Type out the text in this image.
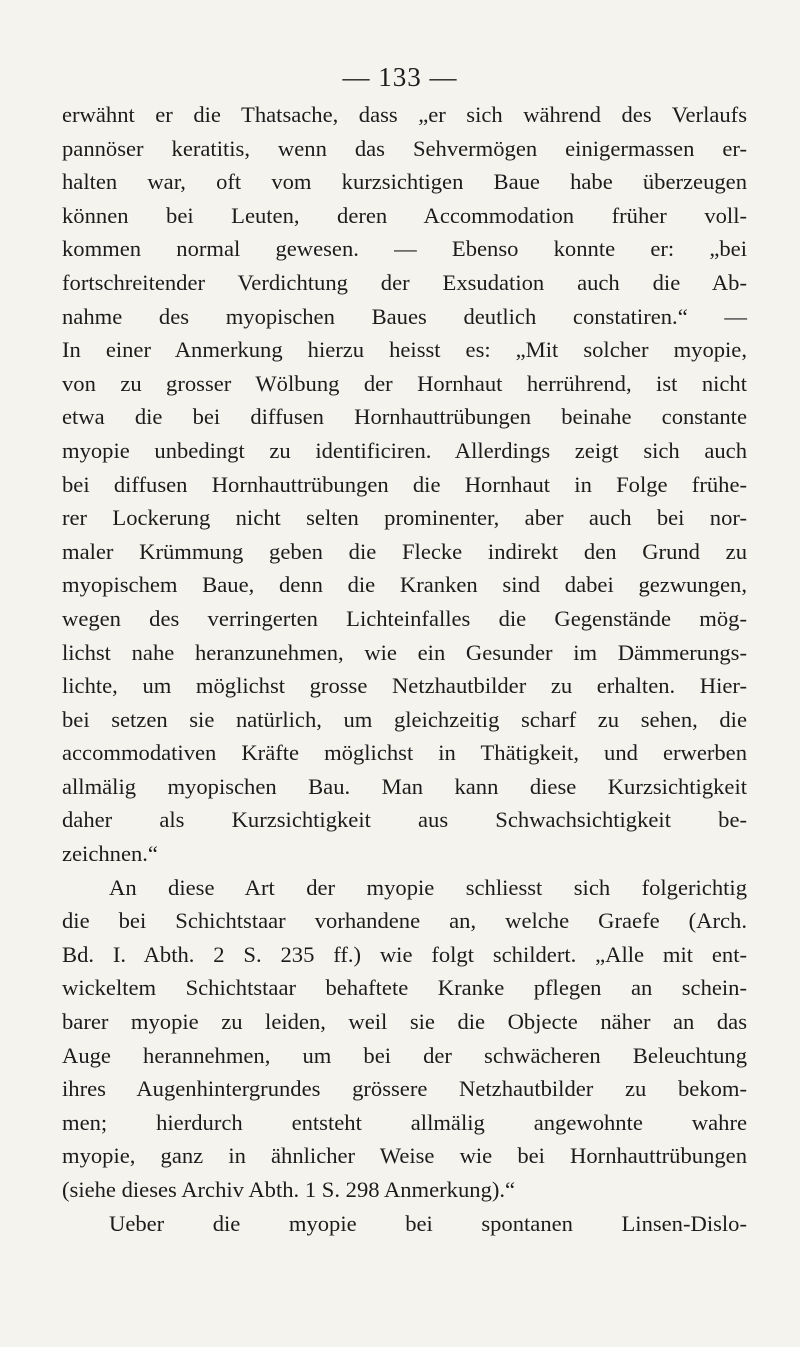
— 133 —
erwähnt er die Thatsache, dass „er sich während des Verlaufs
pannöser keratitis, wenn das Sehvermögen einigermassen er-
halten war, oft vom kurzsichtigen Baue habe überzeugen
können bei Leuten, deren Accommodation früher voll-
kommen normal gewesen. — Ebenso konnte er: „bei
fortschreitender Verdichtung der Exsudation auch die Ab-
nahme des myopischen Baues deutlich constatiren.“ —
In einer Anmerkung hierzu heisst es: „Mit solcher myopie,
von zu grosser Wölbung der Hornhaut herrührend, ist nicht
etwa die bei diffusen Hornhauttrübungen beinahe constante
myopie unbedingt zu identificiren. Allerdings zeigt sich auch
bei diffusen Hornhauttrübungen die Hornhaut in Folge frühe-
rer Lockerung nicht selten prominenter, aber auch bei nor-
maler Krümmung geben die Flecke indirekt den Grund zu
myopischem Baue, denn die Kranken sind dabei gezwungen,
wegen des verringerten Lichteinfalles die Gegenstände mög-
lichst nahe heranzunehmen, wie ein Gesunder im Dämmerungs-
lichte, um möglichst grosse Netzhautbilder zu erhalten. Hier-
bei setzen sie natürlich, um gleichzeitig scharf zu sehen, die
accommodativen Kräfte möglichst in Thätigkeit, und erwerben
allmälig myopischen Bau. Man kann diese Kurzsichtigkeit
daher als Kurzsichtigkeit aus Schwachsichtigkeit be-
zeichnen.“
An diese Art der myopie schliesst sich folgerichtig
die bei Schichtstaar vorhandene an, welche Graefe (Arch.
Bd. I. Abth. 2 S. 235 ff.) wie folgt schildert. „Alle mit ent-
wickeltem Schichtstaar behaftete Kranke pflegen an schein-
barer myopie zu leiden, weil sie die Objecte näher an das
Auge herannehmen, um bei der schwächeren Beleuchtung
ihres Augenhintergrundes grössere Netzhautbilder zu bekom-
men; hierdurch entsteht allmälig angewohnte wahre
myopie, ganz in ähnlicher Weise wie bei Hornhauttrübungen
(siehe dieses Archiv Abth. 1 S. 298 Anmerkung).“
Ueber die myopie bei spontanen Linsen-Dislo-
